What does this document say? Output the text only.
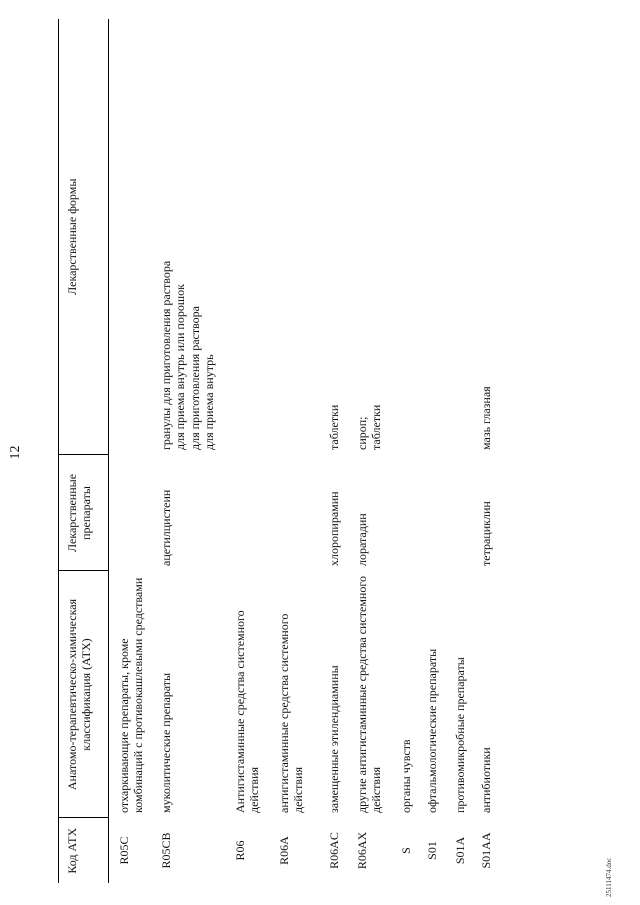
12
Код АТХ	Анатомо-терапевтическо-химическая классификация (АТХ)	Лекарственные препараты	Лекарственные формы
R05C	отхаркивающие препараты, кроме
комбинаций с противокашлевыми средствами		
R05CB	муколитические препараты	ацетилцистеин	гранулы для приготовления раствора
для приема внутрь или порошок
для приготовления раствора
для приема внутрь
R06	Антигистаминные средства системного
действия		
R06A	антигистаминные средства системного
действия		
R06AC	замещенные этилендиамины	хлоропирамин	таблетки
R06AX	другие антигистаминные средства системного
действия	лоратадин	сироп;
таблетки
S	органы чувств		
S01	офтальмологические препараты		
S01A	противомикробные препараты		
S01AA	антибиотики	тетрациклин	мазь глазная
25111474.doc
